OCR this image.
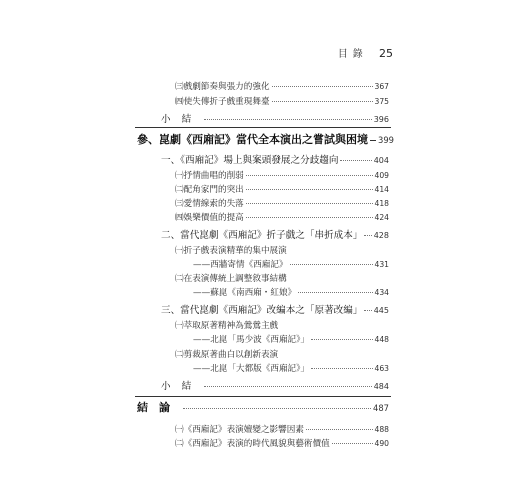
目錄 25
㈢戲劇節奏與張力的強化	367
㈣使失傳折子戲重現舞臺	375
小結	396
參、崑劇《西廂記》當代全本演出之嘗試與困境 399
一、《西廂記》場上與案頭發展之分歧趨向	404
㈠抒情曲唱的削弱	409
㈡配角家門的突出	414
㈢愛情線索的失落	418
㈣娛樂價值的提高	424
二、當代崑劇《西廂記》折子戲之「串折成本」 428
㈠折子戲表演精華的集中展演
——西牆寄情《西廂記》	431
㈡在表演傳統上調整敘事結構
——蘇崑《南西廂・紅娘》	434
三、當代崑劇《西廂記》改編本之「原著改編」 445
㈠萃取原著精神為鶯鶯主戲
——北崑「馬少波《西廂記》」	448
㈡剪裁原著曲白以創新表演
——北崑「大都版《西廂記》」	463
小結	484
結論	487
㈠《西廂記》表演嬗變之影響因素	488
㈡《西廂記》表演的時代風貌與藝術價值	490
